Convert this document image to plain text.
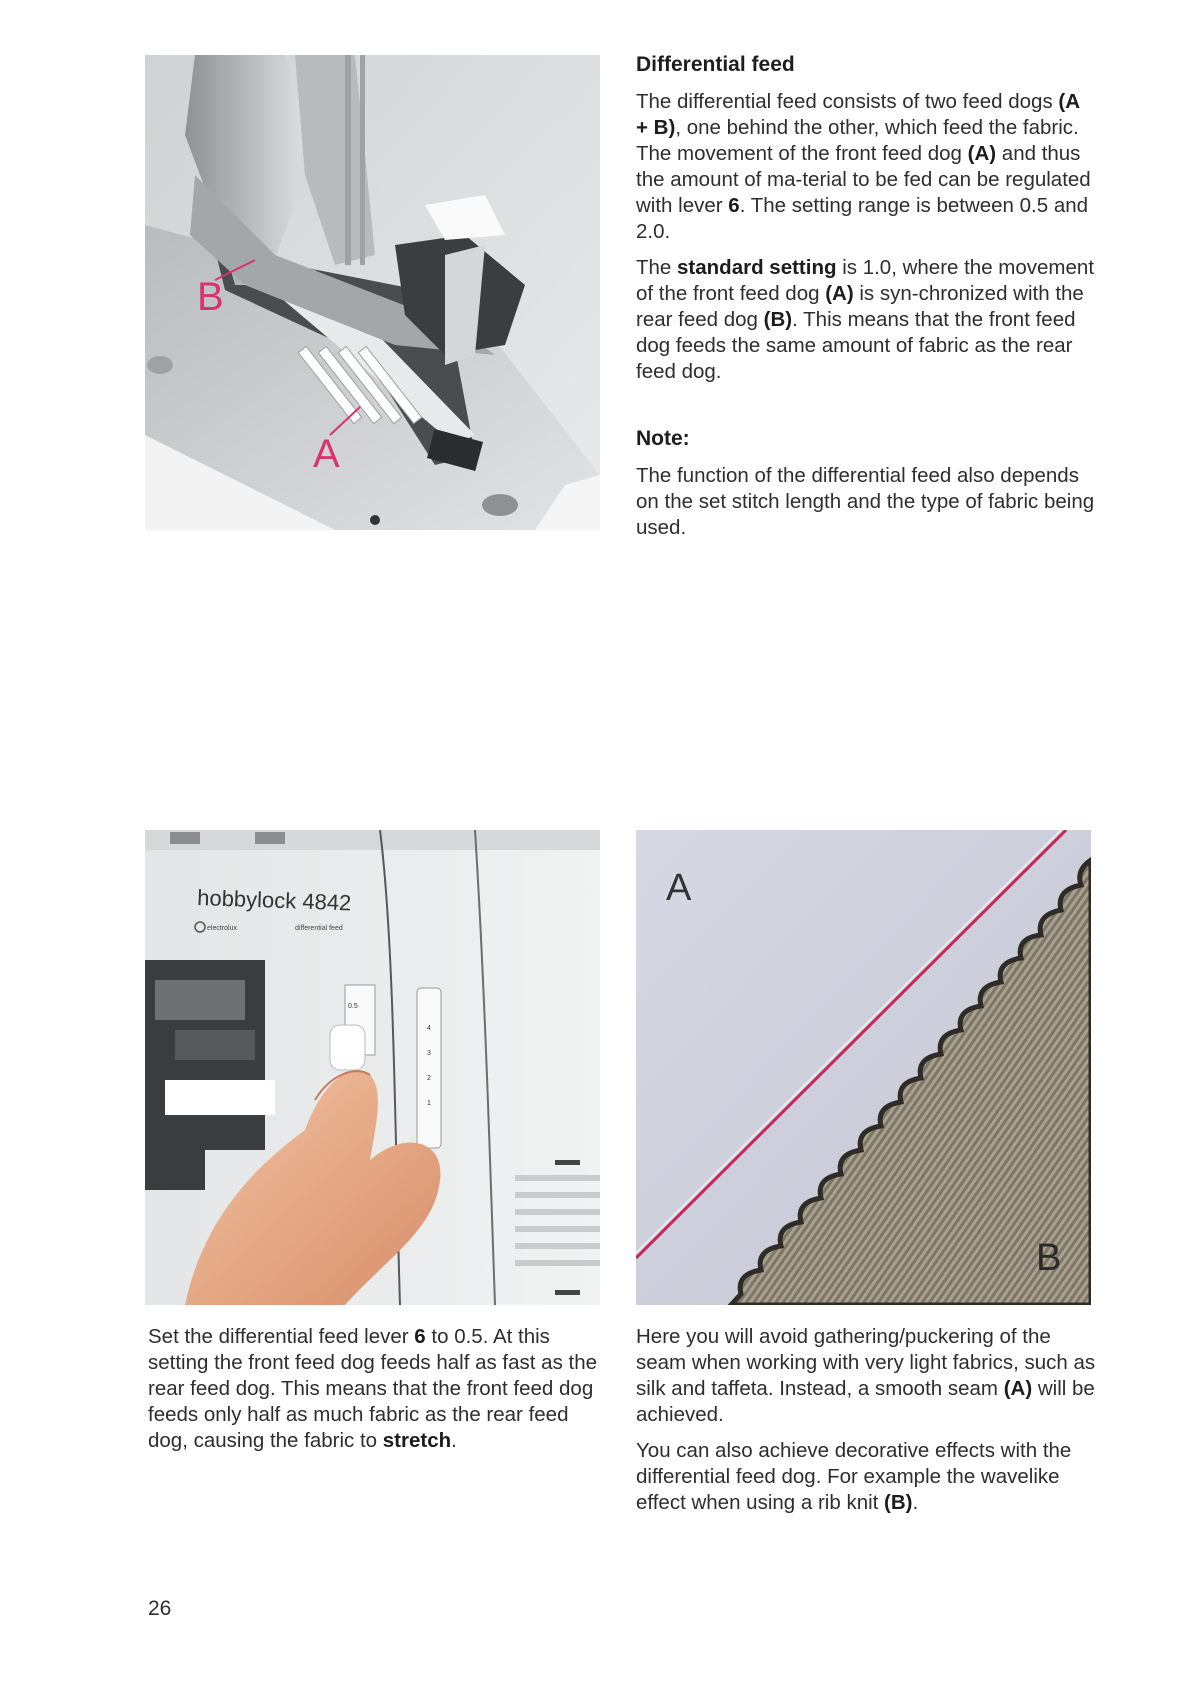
B
A
Differential feed

The differential feed consists of two feed dogs (A + B), one behind the other, which feed the fabric. The movement of the front feed dog (A) and thus the amount of ma-terial to be fed can be regulated with lever 6. The setting range is between 0.5 and 2.0.

The standard setting is 1.0, where the movement of the front feed dog (A) is syn-chronized with the rear feed dog (B). This means that the front feed dog feeds the same amount of fabric as the rear feed dog.

Note:

The function of the differential feed also depends on the set stitch length and the type of fabric being used.

hobbylock 4842
electrolux	differential feed
0.5
1
2
3
4
A
B

Set the differential feed lever 6 to 0.5. At this setting the front feed dog feeds half as fast as the rear feed dog. This means that the front feed dog feeds only half as much fabric as the rear feed dog, causing the fabric to stretch.

Here you will avoid gathering/puckering of the seam when working with very light fabrics, such as silk and taffeta. Instead, a smooth seam (A) will be achieved.

You can also achieve decorative effects with the differential feed dog. For example the wavelike effect when using a rib knit (B).

26
